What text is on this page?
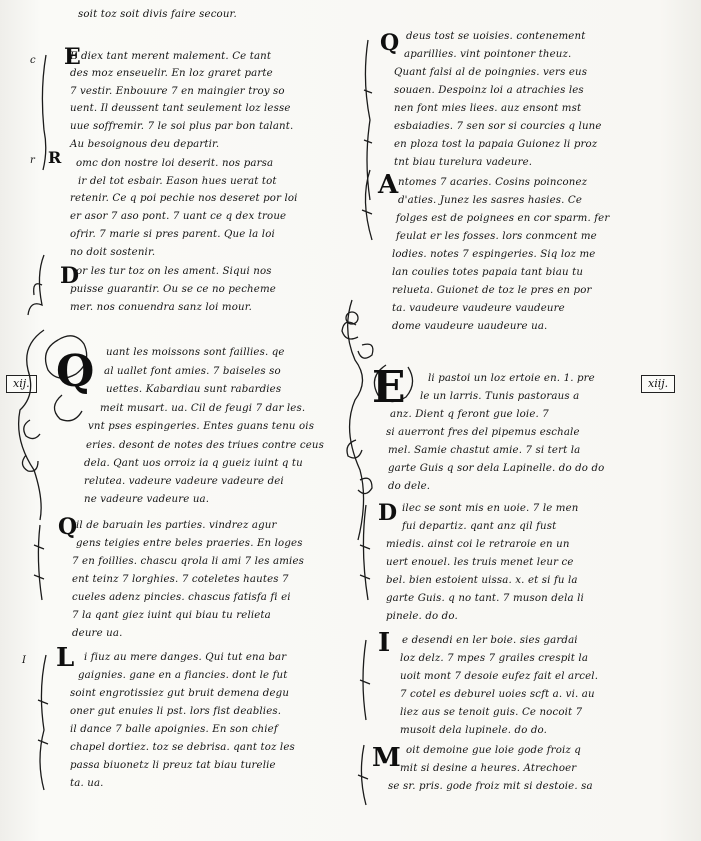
c
r
I
xij.	xiij.
E
R
D
Q
Q
L
Q
A
E
D
I
M
soit toz soit divis faire secour.
E diex tant merent malement. Ce tant
des moz enseuelir. En loz graret parte
7 vestir. Enbouure 7 en maingier troy so
uent. Il deussent tant seulement loz lesse
uue soffremir. 7 le soi plus par bon talant.
Au besoignous deu departir.
omc don nostre loi deserit. nos parsa
ir del tot esbair. Eason hues uerat tot
retenir. Ce q poi pechie nos deseret por loi
er asor 7 aso pont. 7 uant ce q dex troue
ofrir. 7 marie si pres parent. Que la loi
no doit sostenir.
or les tur toz on les ament. Siqui nos
puisse guarantir. Ou se ce no pecheme
mer. nos conuendra sanz loi mour.
uant les moissons sont faillies. qe
al uallet font amies. 7 baiseles so
uettes. Kabardiau sunt rabardies
meit musart. ua. Cil de feugi 7 dar les.
vnt pses espingeries. Entes guans tenu ois
eries. desont de notes des triues contre ceus
dela. Qant uos orroiz ia q gueiz iuint q tu
relutea. vadeure vadeure vadeure dei
ne vadeure vadeure ua.
il de baruain les parties. vindrez agur
gens teigies entre beles praeries. En loges
7 en foillies. chascu qrola li ami 7 les amies
ent teinz 7 lorghies. 7 coteletes hautes 7
cueles adenz pincies. chascus fatisfa fi ei
7 la qant giez iuint qui biau tu relieta
deure ua.
i fiuz au mere danges. Qui tut ena bar
gaignies. gane en a fiancies. dont le fut
soint engrotissiez gut bruit demena degu
oner gut enuies li pst. lors fist deablies.
il dance 7 balle apoignies. En son chief
chapel dortiez. toz se debrisa. qant toz les
passa biuonetz li preuz tat biau turelie
ta. ua.
deus tost se uoisies. contenement
aparillies. vint pointoner theuz.
Quant falsi al de poingnies. vers eus
souaen. Despoinz loi a atrachies les
nen font mies liees. auz ensont mst
esbaiadies. 7 sen sor si courcies q lune
en ploza tost la papaia Guionez li proz
tnt biau turelura vadeure.
ntomes 7 acaries. Cosins poinconez
d'aties. Junez les sasres hasies. Ce
folges est de poignees en cor sparm. fer
feulat er les fosses. lors conmcent me
lodies. notes 7 espingeries. Siq loz me
lan coulies totes papaia tant biau tu
relueta. Guionet de toz le pres en por
ta. vaudeure vaudeure vaudeure
dome vaudeure uaudeure ua.
li pastoi un loz ertoie en. 1. pre
le un larris. Tunis pastoraus a
anz. Dient q feront gue loie. 7
si auerront fres del pipemus eschale
mel. Samie chastut amie. 7 si tert la
garte Guis q sor dela Lapinelle. do do do
do dele.
ilec se sont mis en uoie. 7 le men
fui departiz. qant anz qil fust
miedis. ainst coi le retraroie en un
uert enouel. les truis menet leur ce
bel. bien estoient uissa. x. et si fu la
garte Guis. q no tant. 7 muson dela li
pinele. do do.
e desendi en ler boie. sies gardai
loz delz. 7 mpes 7 grailes crespit la
uoit mont 7 desoie eufez fait el arcel.
7 cotel es deburel uoies scft a. vi. au
liez aus se tenoit guis. Ce nocoit 7
musoit dela lupinele. do do.
oit demoine gue loie gode froiz q
mit si desine a heures. Atrechoer
se sr. pris. gode froiz mit si destoie. sa
